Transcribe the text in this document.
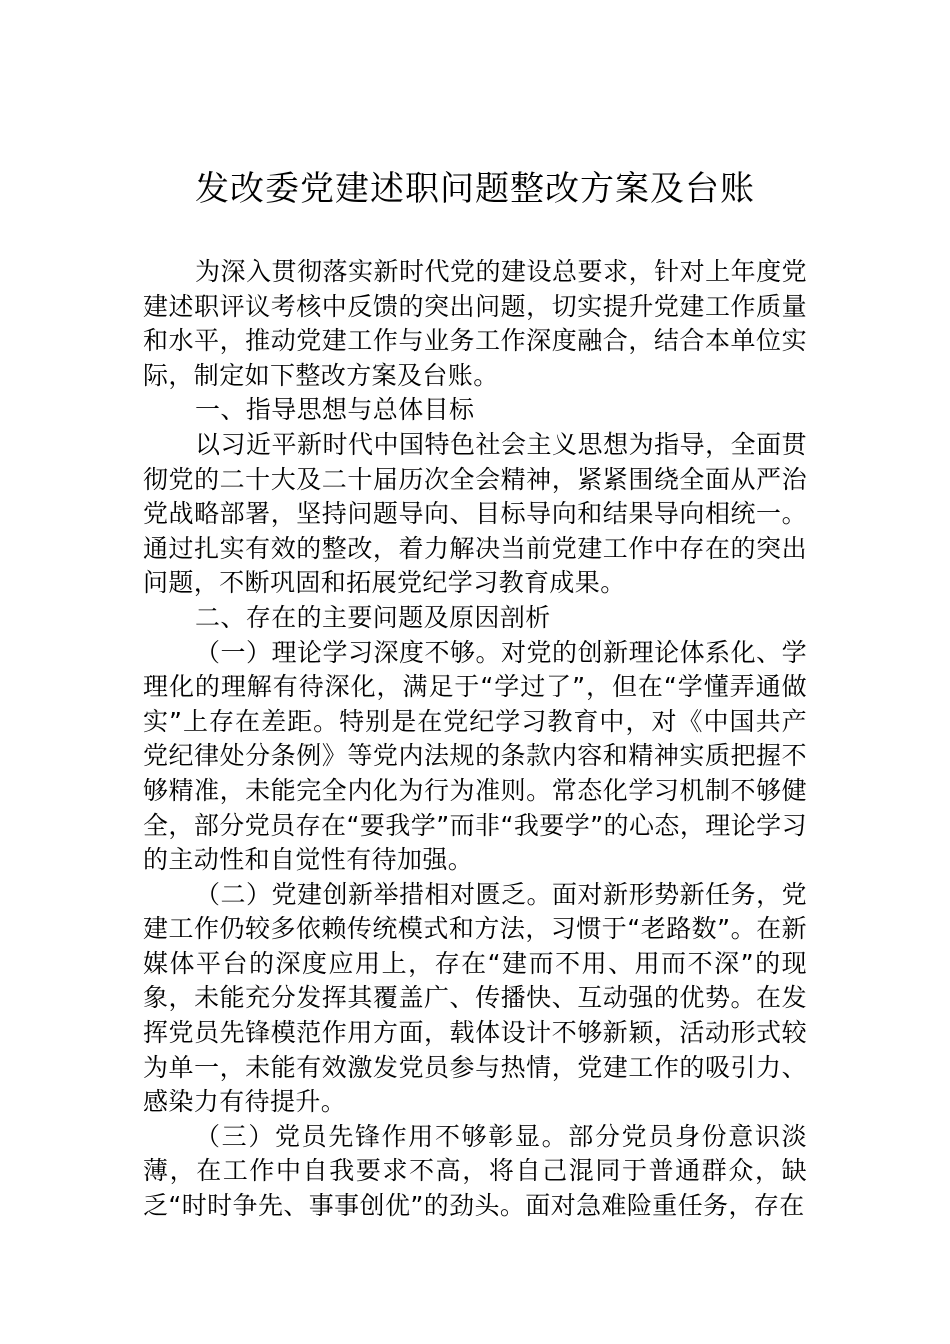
发改委党建述职问题整改方案及台账

为深入贯彻落实新时代党的建设总要求，针对上年度党建述职评议考核中反馈的突出问题，切实提升党建工作质量和水平，推动党建工作与业务工作深度融合，结合本单位实际，制定如下整改方案及台账。

一、指导思想与总体目标

以习近平新时代中国特色社会主义思想为指导，全面贯彻党的二十大及二十届历次全会精神，紧紧围绕全面从严治党战略部署，坚持问题导向、目标导向和结果导向相统一。通过扎实有效的整改，着力解决当前党建工作中存在的突出问题，不断巩固和拓展党纪学习教育成果。

二、存在的主要问题及原因剖析

（一）理论学习深度不够。对党的创新理论体系化、学理化的理解有待深化，满足于“学过了”，但在“学懂弄通做实”上存在差距。特别是在党纪学习教育中，对《中国共产党纪律处分条例》等党内法规的条款内容和精神实质把握不够精准，未能完全内化为行为准则。常态化学习机制不够健全，部分党员存在“要我学”而非“我要学”的心态，理论学习的主动性和自觉性有待加强。

（二）党建创新举措相对匮乏。面对新形势新任务，党建工作仍较多依赖传统模式和方法，习惯于“老路数”。在新媒体平台的深度应用上，存在“建而不用、用而不深”的现象，未能充分发挥其覆盖广、传播快、互动强的优势。在发挥党员先锋模范作用方面，载体设计不够新颖，活动形式较为单一，未能有效激发党员参与热情，党建工作的吸引力、感染力有待提升。

（三）党员先锋作用不够彰显。部分党员身份意识淡薄，在工作中自我要求不高，将自己混同于普通群众，缺乏“时时争先、事事创优”的劲头。面对急难险重任务，存在
